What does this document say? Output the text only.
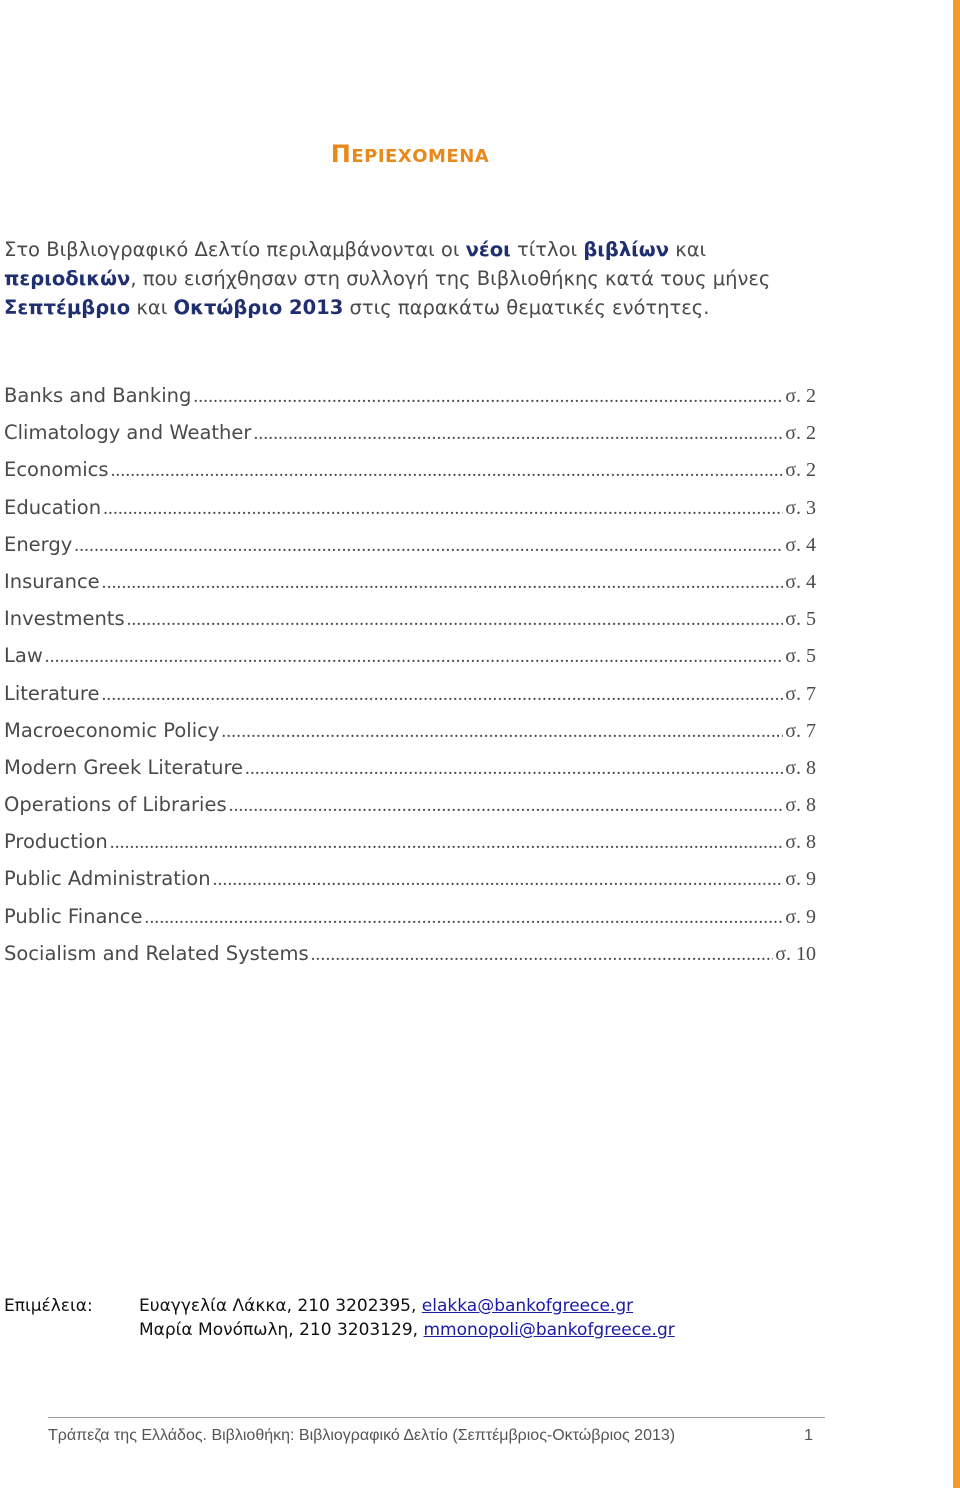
ΠΕΡΙΕΧΟΜΕΝΑ

Στο Βιβλιογραφικό Δελτίο περιλαμβάνονται οι νέοι τίτλοι βιβλίων και περιοδικών, που εισήχθησαν στη συλλογή της Βιβλιοθήκης κατά τους μήνες Σεπτέμβριο και Οκτώβριο 2013 στις παρακάτω θεματικές ενότητες.

Banks and Banking .....	σ. 2
Climatology and Weather .....	σ. 2
Economics .....	σ. 2
Education .....	σ. 3
Energy .....	σ. 4
Insurance .....	σ. 4
Investments .....	σ. 5
Law .....	σ. 5
Literature .....	σ. 7
Macroeconomic Policy .....	σ. 7
Modern Greek Literature .....	σ. 8
Operations of Libraries .....	σ. 8
Production .....	σ. 8
Public Administration .....	σ. 9
Public Finance .....	σ. 9
Socialism and Related Systems .....	σ. 10
Επιμέλεια:	Ευαγγελία Λάκκα, 210 3202395, elakka@bankofgreece.gr
Μαρία Μονόπωλη, 210 3203129, mmonopoli@bankofgreece.gr
Τράπεζα της Ελλάδος. Βιβλιοθήκη: Βιβλιογραφικό Δελτίο (Σεπτέμβριος-Οκτώβριος 2013)	1
